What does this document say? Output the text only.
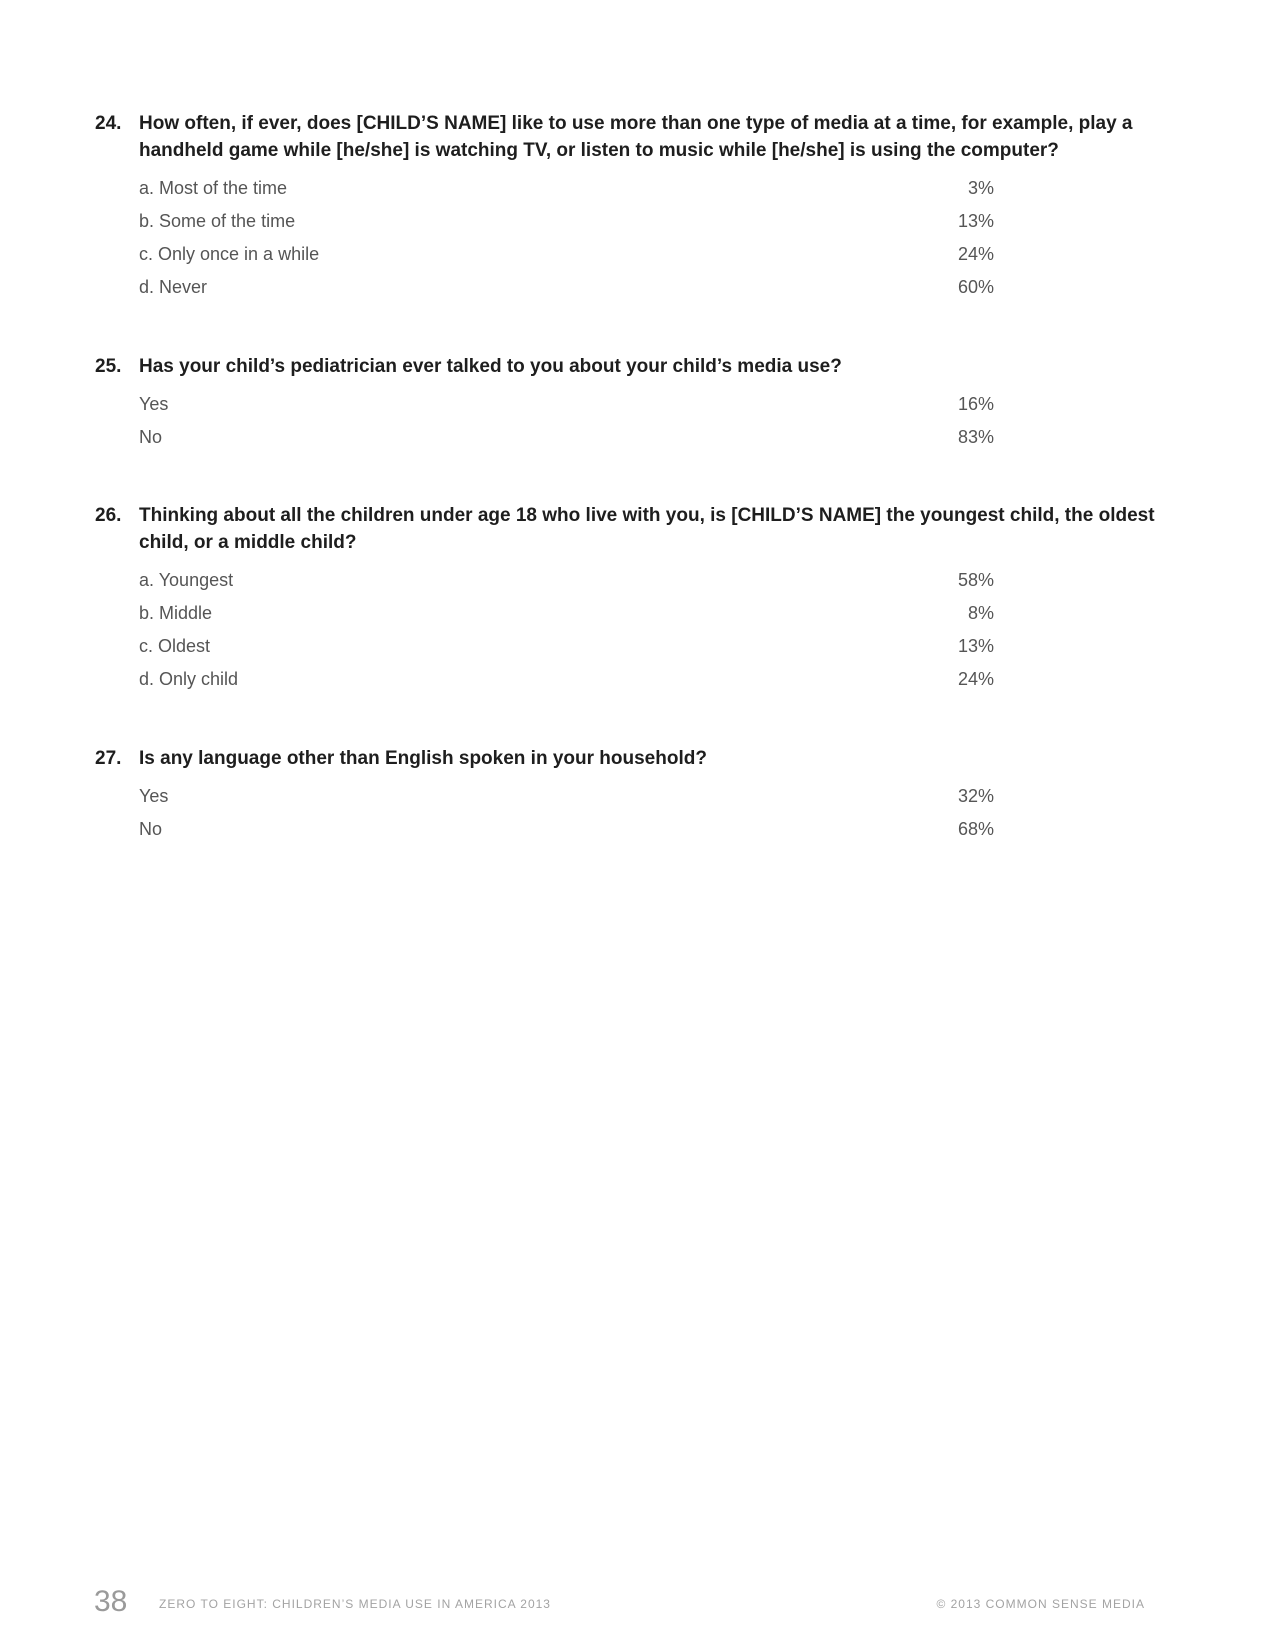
24. How often, if ever, does [CHILD’S NAME] like to use more than one type of media at a time, for example, play a handheld game while [he/she] is watching TV, or listen to music while [he/she] is using the computer?
a. Most of the time	3%
b. Some of the time	13%
c. Only once in a while	24%
d. Never	60%
25. Has your child’s pediatrician ever talked to you about your child’s media use?
Yes	16%
No	83%
26. Thinking about all the children under age 18 who live with you, is [CHILD’S NAME] the youngest child, the oldest child, or a middle child?
a. Youngest	58%
b. Middle	8%
c. Oldest	13%
d. Only child	24%
27. Is any language other than English spoken in your household?
Yes	32%
No	68%
38	ZERO TO EIGHT: CHILDREN’S MEDIA USE IN AMERICA 2013	© 2013 COMMON SENSE MEDIA
